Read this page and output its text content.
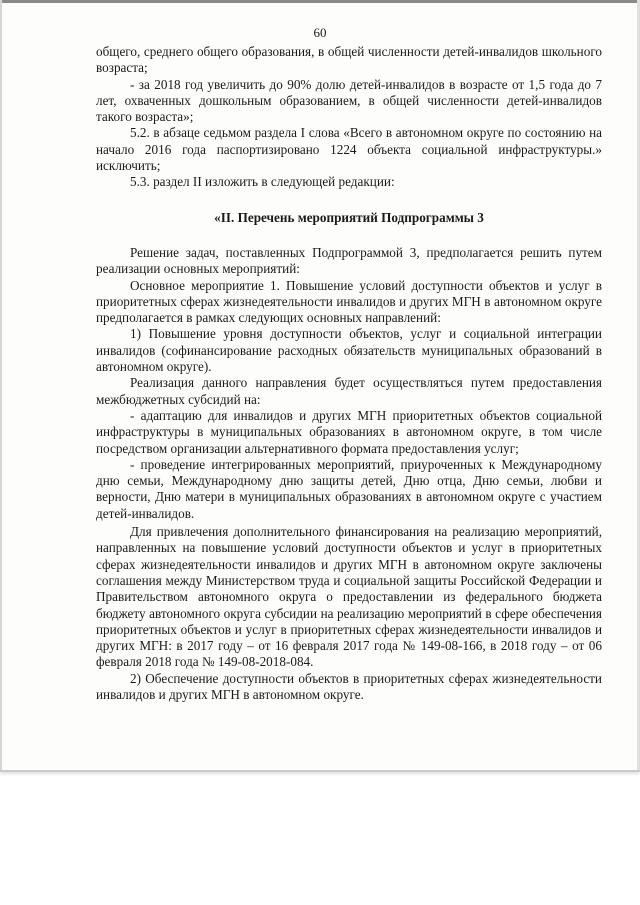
60

общего, среднего общего образования, в общей численности детей-инвалидов школьного возраста;

- за 2018 год увеличить до 90% долю детей-инвалидов в возрасте от 1,5 года до 7 лет, охваченных дошкольным образованием, в общей численности детей-инвалидов такого возраста»;

5.2. в абзаце седьмом раздела I слова «Всего в автономном округе по состоянию на начало 2016 года паспортизировано 1224 объекта социальной инфраструктуры.» исключить;

5.3. раздел II изложить в следующей редакции:

«II. Перечень мероприятий Подпрограммы 3

Решение задач, поставленных Подпрограммой 3, предполагается решить путем реализации основных мероприятий:

Основное мероприятие 1. Повышение условий доступности объектов и услуг в приоритетных сферах жизнедеятельности инвалидов и других МГН в автономном округе предполагается в рамках следующих основных направлений:

1) Повышение уровня доступности объектов, услуг и социальной интеграции инвалидов (софинансирование расходных обязательств муниципальных образований в автономном округе).

Реализация данного направления будет осуществляться путем предоставления межбюджетных субсидий на:

- адаптацию для инвалидов и других МГН приоритетных объектов социальной инфраструктуры в муниципальных образованиях в автономном округе, в том числе посредством организации альтернативного формата предоставления услуг;

- проведение интегрированных мероприятий, приуроченных к Международному дню семьи, Международному дню защиты детей, Дню отца, Дню семьи, любви и верности, Дню матери в муниципальных образованиях в автономном округе с участием детей-инвалидов.

Для привлечения дополнительного финансирования на реализацию мероприятий, направленных на повышение условий доступности объектов и услуг в приоритетных сферах жизнедеятельности инвалидов и других МГН в автономном округе заключены соглашения между Министерством труда и социальной защиты Российской Федерации и Правительством автономного округа о предоставлении из федерального бюджета бюджету автономного округа субсидии на реализацию мероприятий в сфере обеспечения приоритетных объектов и услуг в приоритетных сферах жизнедеятельности инвалидов и других МГН: в 2017 году – от 16 февраля 2017 года № 149-08-166, в 2018 году – от 06 февраля 2018 года № 149-08-2018-084.

2) Обеспечение доступности объектов в приоритетных сферах жизнедеятельности инвалидов и других МГН в автономном округе.
